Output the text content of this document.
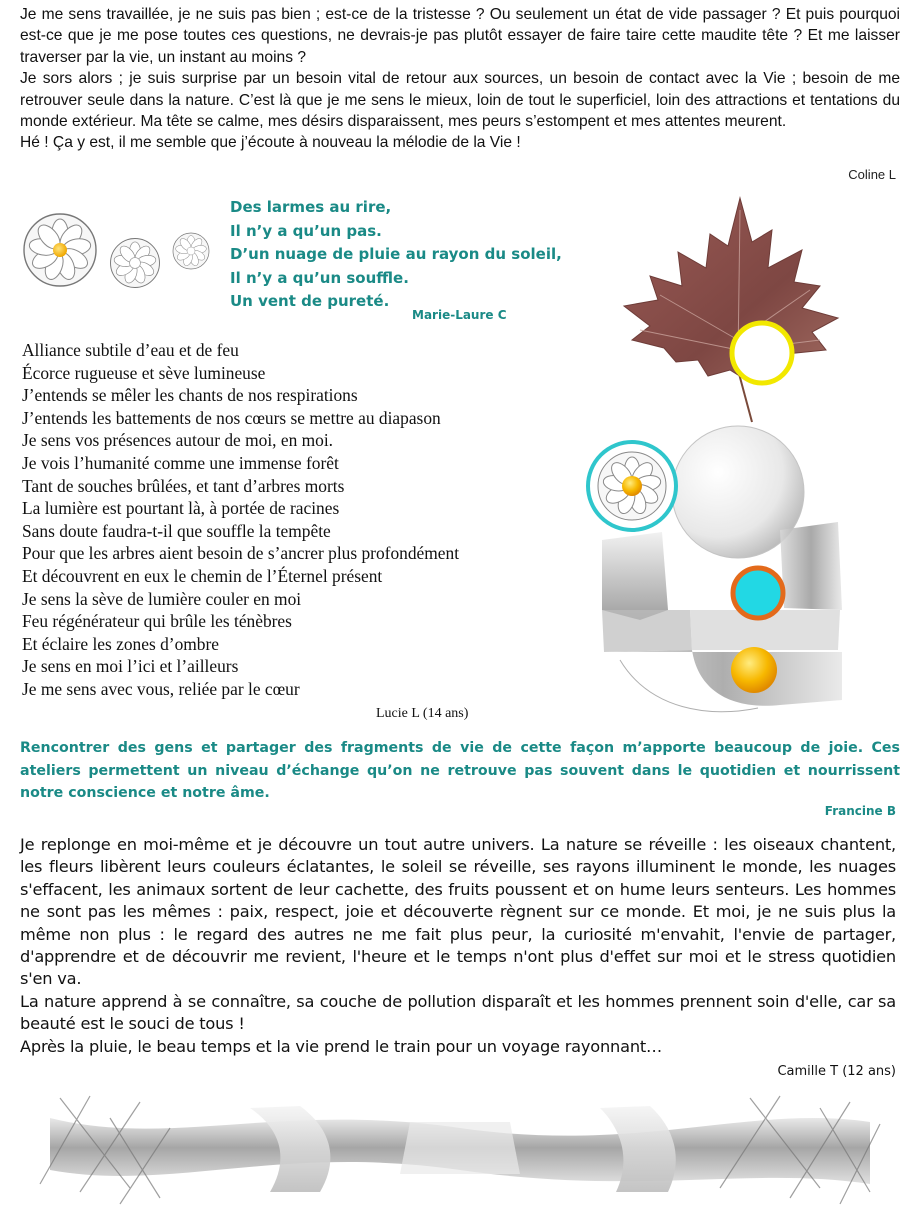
Je me sens travaillée, je ne suis pas bien ; est-ce de la tristesse ? Ou seulement un état de vide passager ? Et puis pourquoi est-ce que je me pose toutes ces questions, ne devrais-je pas plutôt essayer de faire taire cette maudite tête ? Et me laisser traverser par la vie, un instant au moins ?

Je sors alors ; je suis surprise par un besoin vital de retour aux sources, un besoin de contact avec la Vie ; besoin de me retrouver seule dans la nature. C’est là que je me sens le mieux, loin de tout le superficiel, loin des attractions et tentations du monde extérieur. Ma tête se calme, mes désirs disparaissent, mes peurs s’estompent et mes attentes meurent.

Hé ! Ça y est, il me semble que j’écoute à nouveau la mélodie de la Vie !

Coline L
Des larmes au rire,
Il n’y a qu’un pas.
D’un nuage de pluie au rayon du soleil,
Il n’y a qu’un souffle.
Un vent de pureté.
Marie-Laure C
Alliance subtile d’eau et de feu
Écorce rugueuse et sève lumineuse
J’entends se mêler les chants de nos respirations
J’entends les battements de nos cœurs se mettre au diapason
Je sens vos présences autour de moi, en moi.
Je vois l’humanité comme une immense forêt
Tant de souches brûlées, et tant d’arbres morts
La lumière est pourtant là, à portée de racines
Sans doute faudra-t-il que souffle la tempête
Pour que les arbres aient besoin de s’ancrer plus profondément
Et découvrent en eux le chemin de l’Éternel présent
Je sens la sève de lumière couler en moi
Feu régénérateur qui brûle les ténèbres
Et éclaire les zones d’ombre
Je sens en moi l’ici et l’ailleurs
Je me sens avec vous, reliée par le cœur
Lucie L (14 ans)
Rencontrer des gens et partager des fragments de vie de cette façon m’apporte beaucoup de joie. Ces ateliers permettent un niveau d’échange qu’on ne retrouve pas souvent dans le quotidien et nourrissent notre conscience et notre âme.
Francine B

Je replonge en moi-même et je découvre un tout autre univers. La nature se réveille : les oiseaux chantent, les fleurs libèrent leurs couleurs éclatantes, le soleil se réveille, ses rayons illuminent le monde, les nuages s'effacent, les animaux sortent de leur cachette, des fruits poussent et on hume leurs senteurs. Les hommes ne sont pas les mêmes : paix, respect, joie et découverte règnent sur ce monde. Et moi, je ne suis plus la même non plus : le regard des autres ne me fait plus peur, la curiosité m'envahit, l'envie de partager, d'apprendre et de découvrir me revient, l'heure et le temps n'ont plus d'effet sur moi et le stress quotidien s'en va.

La nature apprend à se connaître, sa couche de pollution disparaît et les hommes prennent soin d'elle, car sa beauté est le souci de tous !

Après la pluie, le beau temps et la vie prend le train pour un voyage rayonnant…

Camille T (12 ans)
